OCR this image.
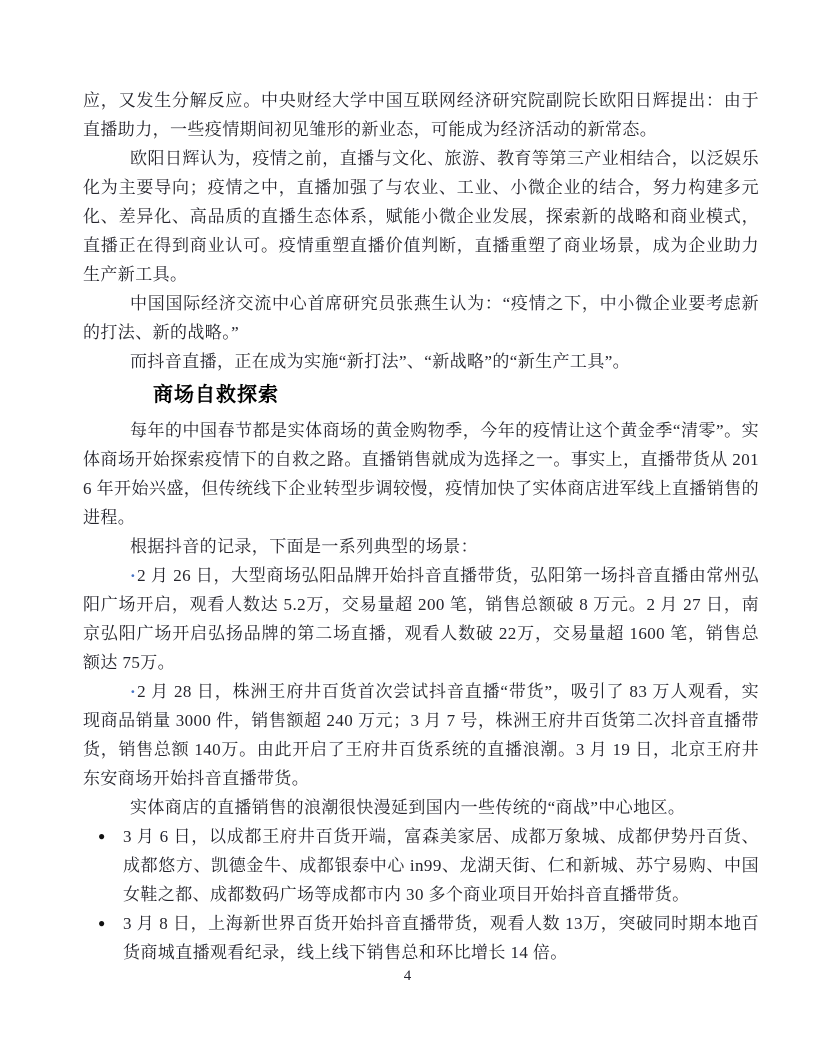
应，又发生分解反应。中央财经大学中国互联网经济研究院副院长欧阳日辉提出：由于直播助力，一些疫情期间初见雏形的新业态，可能成为经济活动的新常态。

欧阳日辉认为，疫情之前，直播与文化、旅游、教育等第三产业相结合，以泛娱乐化为主要导向；疫情之中，直播加强了与农业、工业、小微企业的结合，努力构建多元化、差异化、高品质的直播生态体系，赋能小微企业发展，探索新的战略和商业模式，直播正在得到商业认可。疫情重塑直播价值判断，直播重塑了商业场景，成为企业助力生产新工具。

中国国际经济交流中心首席研究员张燕生认为：“疫情之下，中小微企业要考虑新的打法、新的战略。”

而抖音直播，正在成为实施“新打法”、“新战略”的“新生产工具”。

商场自救探索

每年的中国春节都是实体商场的黄金购物季，今年的疫情让这个黄金季“清零”。实体商场开始探索疫情下的自救之路。直播销售就成为选择之一。事实上，直播带货从 2016 年开始兴盛，但传统线下企业转型步调较慢，疫情加快了实体商店进军线上直播销售的进程。

根据抖音的记录，下面是一系列典型的场景：

·2 月 26 日，大型商场弘阳品牌开始抖音直播带货，弘阳第一场抖音直播由常州弘阳广场开启，观看人数达 5.2万，交易量超 200 笔，销售总额破 8 万元。2 月 27 日，南京弘阳广场开启弘扬品牌的第二场直播，观看人数破 22万，交易量超 1600 笔，销售总额达 75万。

·2 月 28 日，株洲王府井百货首次尝试抖音直播“带货”，吸引了 83 万人观看，实现商品销量 3000 件，销售额超 240 万元；3 月 7 号，株洲王府井百货第二次抖音直播带货，销售总额 140万。由此开启了王府井百货系统的直播浪潮。3 月 19 日，北京王府井东安商场开始抖音直播带货。

实体商店的直播销售的浪潮很快漫延到国内一些传统的“商战”中心地区。

● 3 月 6 日，以成都王府井百货开端，富森美家居、成都万象城、成都伊势丹百货、成都悠方、凯德金牛、成都银泰中心 in99、龙湖天街、仁和新城、苏宁易购、中国女鞋之都、成都数码广场等成都市内 30 多个商业项目开始抖音直播带货。
● 3 月 8 日，上海新世界百货开始抖音直播带货，观看人数 13万，突破同时期本地百货商城直播观看纪录，线上线下销售总和环比增长 14 倍。
4
